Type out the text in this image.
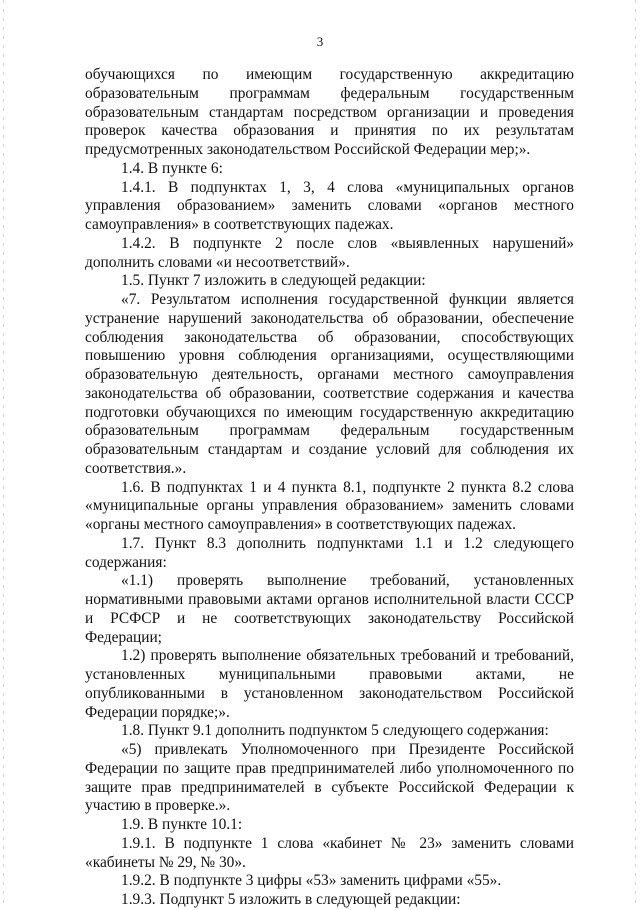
3

обучающихся по имеющим государственную аккредитацию образовательным программам федеральным государственным образовательным стандартам посредством организации и проведения проверок качества образования и принятия по их результатам предусмотренных законодательством Российской Федерации мер;».

1.4. В пункте 6:

1.4.1. В подпунктах 1, 3, 4 слова «муниципальных органов управления образованием» заменить словами «органов местного самоуправления» в соответствующих падежах.

1.4.2. В подпункте 2 после слов «выявленных нарушений» дополнить словами «и несоответствий».

1.5. Пункт 7 изложить в следующей редакции:

«7. Результатом исполнения государственной функции является устранение нарушений законодательства об образовании, обеспечение соблюдения законодательства об образовании, способствующих повышению уровня соблюдения организациями, осуществляющими образовательную деятельность, органами местного самоуправления законодательства об образовании, соответствие содержания и качества подготовки обучающихся по имеющим государственную аккредитацию образовательным программам федеральным государственным образовательным стандартам и создание условий для соблюдения их соответствия.».

1.6. В подпунктах 1 и 4 пункта 8.1, подпункте 2 пункта 8.2 слова «муниципальные органы управления образованием» заменить словами «органы местного самоуправления» в соответствующих падежах.

1.7. Пункт 8.3 дополнить подпунктами 1.1 и 1.2 следующего содержания:

«1.1) проверять выполнение требований, установленных нормативными правовыми актами органов исполнительной власти СССР и РСФСР и не соответствующих законодательству Российской Федерации;

1.2) проверять выполнение обязательных требований и требований, установленных муниципальными правовыми актами, не опубликованными в установленном законодательством Российской Федерации порядке;».

1.8. Пункт 9.1 дополнить подпунктом 5 следующего содержания:

«5) привлекать Уполномоченного при Президенте Российской Федерации по защите прав предпринимателей либо уполномоченного по защите прав предпринимателей в субъекте Российской Федерации к участию в проверке.».

1.9. В пункте 10.1:

1.9.1. В подпункте 1 слова «кабинет № 23» заменить словами «кабинеты № 29, № 30».

1.9.2. В подпункте 3 цифры «53» заменить цифрами «55».

1.9.3. Подпункт 5 изложить в следующей редакции:
